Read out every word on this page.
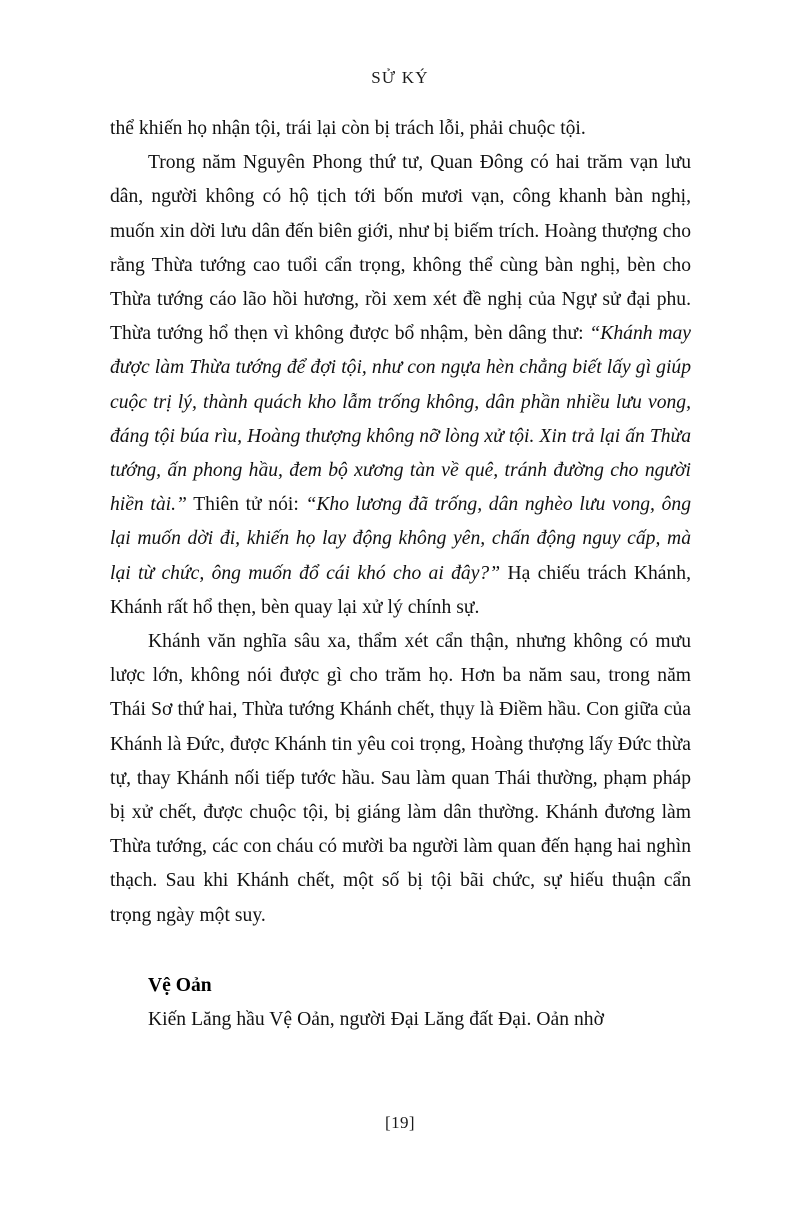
SỬ KÝ

thể khiến họ nhận tội, trái lại còn bị trách lỗi, phải chuộc tội.

Trong năm Nguyên Phong thứ tư, Quan Đông có hai trăm vạn lưu dân, người không có hộ tịch tới bốn mươi vạn, công khanh bàn nghị, muốn xin dời lưu dân đến biên giới, như bị biếm trích. Hoàng thượng cho rằng Thừa tướng cao tuổi cẩn trọng, không thể cùng bàn nghị, bèn cho Thừa tướng cáo lão hồi hương, rồi xem xét đề nghị của Ngự sử đại phu. Thừa tướng hổ thẹn vì không được bổ nhậm, bèn dâng thư: “Khánh may được làm Thừa tướng để đợi tội, như con ngựa hèn chẳng biết lấy gì giúp cuộc trị lý, thành quách kho lẫm trống không, dân phần nhiều lưu vong, đáng tội búa rìu, Hoàng thượng không nỡ lòng xử tội. Xin trả lại ấn Thừa tướng, ấn phong hầu, đem bộ xương tàn về quê, tránh đường cho người hiền tài.” Thiên tử nói: “Kho lương đã trống, dân nghèo lưu vong, ông lại muốn dời đi, khiến họ lay động không yên, chấn động nguy cấp, mà lại từ chức, ông muốn đổ cái khó cho ai đây?” Hạ chiếu trách Khánh, Khánh rất hổ thẹn, bèn quay lại xử lý chính sự.

Khánh văn nghĩa sâu xa, thẩm xét cẩn thận, nhưng không có mưu lược lớn, không nói được gì cho trăm họ. Hơn ba năm sau, trong năm Thái Sơ thứ hai, Thừa tướng Khánh chết, thụy là Điềm hầu. Con giữa của Khánh là Đức, được Khánh tin yêu coi trọng, Hoàng thượng lấy Đức thừa tự, thay Khánh nối tiếp tước hầu. Sau làm quan Thái thường, phạm pháp bị xử chết, được chuộc tội, bị giáng làm dân thường. Khánh đương làm Thừa tướng, các con cháu có mười ba người làm quan đến hạng hai nghìn thạch. Sau khi Khánh chết, một số bị tội bãi chức, sự hiếu thuận cẩn trọng ngày một suy.

Vệ Oản

Kiến Lăng hầu Vệ Oản, người Đại Lăng đất Đại. Oản nhờ

[19]
